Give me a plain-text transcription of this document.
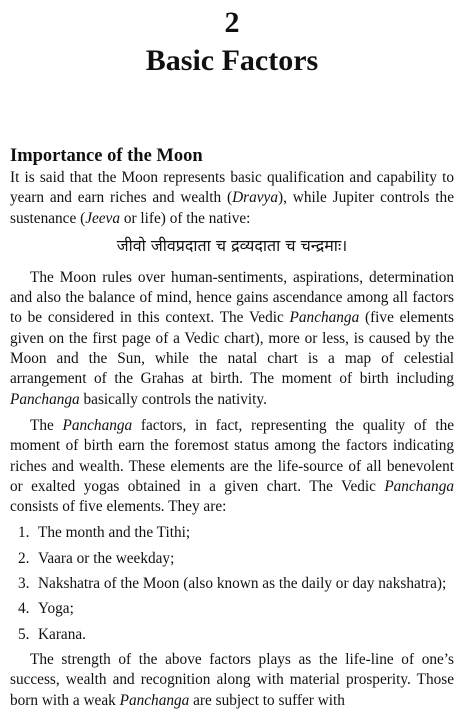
2
Basic Factors
Importance of the Moon

It is said that the Moon represents basic qualification and capability to yearn and earn riches and wealth (Dravya), while Jupiter controls the sustenance (Jeeva or life) of the native:

जीवो जीवप्रदाता च द्रव्यदाता च चन्द्रमाः।

The Moon rules over human-sentiments, aspirations, determination and also the balance of mind, hence gains ascendance among all factors to be considered in this context. The Vedic Panchanga (five elements given on the first page of a Vedic chart), more or less, is caused by the Moon and the Sun, while the natal chart is a map of celestial arrangement of the Grahas at birth. The moment of birth including Panchanga basically controls the nativity.

The Panchanga factors, in fact, representing the quality of the moment of birth earn the foremost status among the factors indicating riches and wealth. These elements are the life-source of all benevolent or exalted yogas obtained in a given chart. The Vedic Panchanga consists of five elements. They are:

1. The month and the Tithi;
2. Vaara or the weekday;
3. Nakshatra of the Moon (also known as the daily or day nakshatra);
4. Yoga;
5. Karana.

The strength of the above factors plays as the life-line of one’s success, wealth and recognition along with material prosperity. Those born with a weak Panchanga are subject to suffer with
